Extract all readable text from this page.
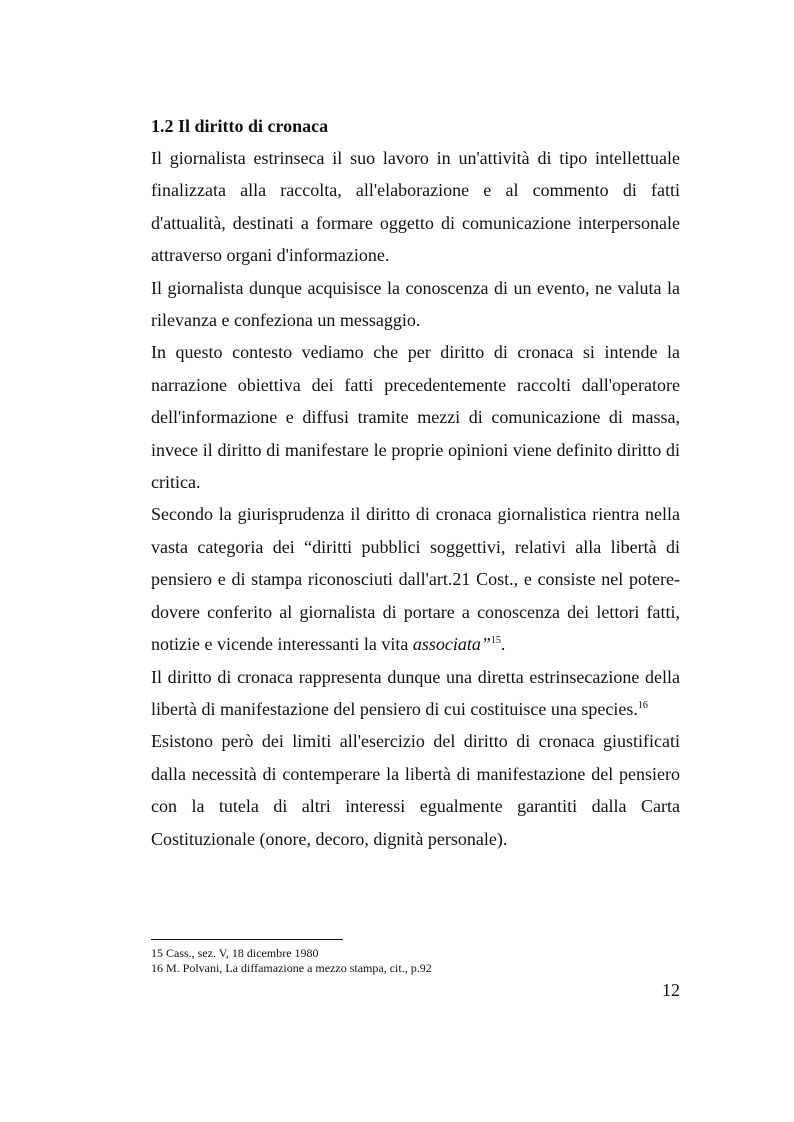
1.2 Il diritto di cronaca

Il giornalista estrinseca il suo lavoro in un'attività di tipo intellettuale finalizzata alla raccolta, all'elaborazione e al commento di fatti d'attualità, destinati a formare oggetto di comunicazione interpersonale attraverso organi d'informazione.

Il giornalista dunque acquisisce la conoscenza di un evento, ne valuta la rilevanza e confeziona un messaggio.

In questo contesto vediamo che per diritto di cronaca si intende la narrazione obiettiva dei fatti precedentemente raccolti dall'operatore dell'informazione e diffusi tramite mezzi di comunicazione di massa, invece il diritto di manifestare le proprie opinioni viene definito diritto di critica.

Secondo la giurisprudenza il diritto di cronaca giornalistica rientra nella vasta categoria dei “diritti pubblici soggettivi, relativi alla libertà di pensiero e di stampa riconosciuti dall'art.21 Cost., e consiste nel potere-dovere conferito al giornalista di portare a conoscenza dei lettori fatti, notizie e vicende interessanti la vita associata”$^{15}$.

Il diritto di cronaca rappresenta dunque una diretta estrinsecazione della libertà di manifestazione del pensiero di cui costituisce una species.$^{16}$

Esistono però dei limiti all'esercizio del diritto di cronaca giustificati dalla necessità di contemperare la libertà di manifestazione del pensiero con la tutela di altri interessi egualmente garantiti dalla Carta Costituzionale (onore, decoro, dignità personale).

15 Cass., sez. V, 18 dicembre 1980
16 M. Polvani, La diffamazione a mezzo stampa, cit., p.92
12
